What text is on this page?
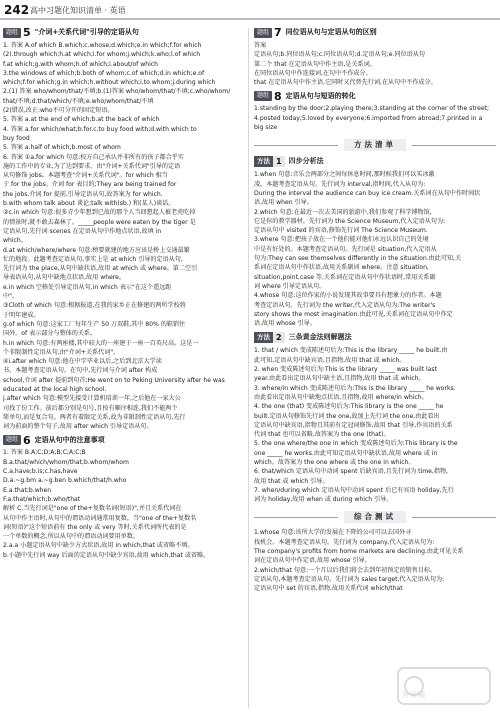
242 高中习题化知识清单 · 英语
题组 5 "介词+关系代词"引导的定语从句
1. 答案 A.of which B.which;c.whose;d.which;e.in which;f.for which
(2).through which;h.at which;i.for whom;j.which;k.who;l.of which
f.at which;g.with whom;h.of which;i.about/of which
3.the windows of which;b.both of whom;c.of which;d.in which;e.of
which;f.for which;g.in which;h.without which;i.to whom;j.during which
2.(1) 答案 who/whom/that/不填;b.(1)答案 who/whom/that/不填;c.who/whom/
that/不填;d.that/which/不填;e.who/whom/that/不填
(2)错误,改正:who不可分开的固定短语。
5. 答案 a.at the end of which;b.at the back of which
4. 答案 a.for which/what;b.for.c.to buy food with;d.with which to
buy food
5. 答案 a.half of which;b.most of whom
6. 答案 ①a.for which 句意:校方自己承认并非所有的孩子都合乎实
施的工作中的专业,为了达到要求。由"介词+关系代词"引导的定语
从句修饰 jobs。本题考查"介词+关系代词"。for which 相当
于 for the jobs。介词 for 表目的;They are being trained for
the jobs.介词 for 提前,引导定语从句,故答案为 for which.
b.with whom talk about 谈论;talk with(sb.) 和(某人)谈话。
②c.in which 句意:很多青少年想到已故的那个人当回想起人被老虎吃掉
的情景时,就不敢去森林了。_____people were eaten by the tiger 是
定语从句,先行词 scenes 在定语从句中作地点状语,故填 in
which。
d.at which/where/where 句意:榜要就建的地方应该是桥上交通最繁
忙的地段。此题考查定语从句,事实上是 at which 引导的定语从句,
先行词为 the place,从句中缺状语,故用 at which 或 where。第二空引
导表语从句,从句中缺地点状语,故用 where。
e.in which 空格处引导定语从句,in which 表示"在这个遥远距
中"。
③Cloth of which 句意:根据报道,在我的家乡正在修建的两所学校将
于明年建成。
g.of which 句意:这家工厂每年生产 50 万双鞋,其中 80% 的鞋销往
国外。of 表示部分与整体的关系。
h.in which 句意:有两座楼,其中较大的一座建于一座一百英尺高。这是一
个非限制性定语从句,由"介词+关系代词"。
④i.after which 句意:他在中学毕业以后,之后到北京大学读
书。本题考查定语从句。在句中,先行词与介词 after 构成
school,介词 after 提前到句首;He went on to Peking University after he was
educated at the local high school.
j.after which 句意:模型先接受计算机培训一年,之后他在一家大公
司找了份工作。前后都分别是句号,且按有顺序相连,我们不能两个
简单句,而是复合句。两者有着限定关系,故为非限制性定语从句,先行
词为前面的整个句子,故用 after which 引导定语从句。
题组 6 定语从句中的注意事项
1. 答案 B.A;C;D;A;B;C;A;C;B
B.a.that/which/whom/that;b.whom/whom
C.a.have;b.is;c.has,have
D.a.~g.bm a.~g.ben b.which/that/h.who
E.a.that;b.when
F.a.that/which;b.who/that
解析 C.当先行词是"one of the+复数名词(短语)",并且关系代词在
从句中作主语时,从句中的谓语动词通常用复数。当"one of the+复数名
词(短语)"这个短语前有 the only 或 very 等时,关系代词所代表的是
一个单数的概念,所以从句中的谓语动词要用单数。
2.a.a 小题定语从句中缺少方式状语,故用 in which,that 或省略不填。
b.小题中先行词 way 后面的定语从句中缺少宾语,故用 which,that 或省略。
题组 7 同位语从句与定语从句的区别
答案
定语从句;b.同位语从句;c.同位语从句;d.定语从句;e.同位语从句
第二个 that 在定语从句中作主语,是关系词。
在同位语从句中作连接词,在句中不作成分。
that 在定语从句中作主语,它同时又代替先行词,在从句中不作成分。
题组 8 定语从句与短语的转化
1.standing by the door;2.playing there;3.standing at the corner of the street;
4.posted today;5.loved by everyone;6.imported from abroad;7.printed in a
big size
方法清单
方法 1	四步分析法
1.when 句意:音乐会两部分之间每休息时间,那时候我们可以买冰激
凌。本题考查定语从句。先行词为 interval,指时间,代入从句为:
During the interval the audience can buy ice cream.关系词在从句中作时间状
语,故用 when 引导。
2.which 句意:在最近一次去美国的旅游中,我们参观了科学博物馆,
它是你的教学器材。先行词为 the Science Museum,代入定语从句为:
定语从句中 visited 的宾语,修饰先行词 The Science Museum.
3.where 句意:把孩子放在一个他们能对他们永远认识自己的处境
中是有好处的。本题考查定语从句。先行词是 situation,代入定语从
句为:They can see themselves differently in the situation.由此可知,关
系词在定语从句中作状语,故用关系副词 where。注意 situation,
situation,point,case 等,关系词在定语从句中作状语时,常用关系副
词 where 引导定语从句。
4.whose 句意:这位作家的小说发现其故事要具有想象力的作者。本题
考查定语从句。先行词为 the writer,代入定语从句为:The writer's
story shows the most imagination.由此可见,关系词在定语从句中作定
语,故用 whose 引导。
方法 2	三条黄金法则解题法
1. that / which 变成陈述句后为:This is the library _____ he built.由
此可知,定语从句中缺宾语,且指物,故用 that 或 which。
2. when 变成陈述句后为:This is the library _____ was built last
year.由此看出定语从句中缺主语,且指物,故用 that 或 which。
3. where/in which 变成陈述句后为:This is the library _____ he works.
由此看出定语从句中缺地点状语,且指物,故用 where/in which。
4. the one (that) 变成陈述句后为:This library is the one _____ he
built.定语从句修饰先行词 the one,故加上先行词 the one,由此看出
定语从句中缺宾语,指物且其前有定冠词修饰,故用 that 引导,作宾语的关系
代词 that 也可以省略,故答案为 the one (that)。
5. the one where/the one in which 变成陈述句后为:This library is the
one _____ he works.由此可知定语从句中缺状语,故用 where 或 in
which。故答案为 the one where 或 the one in which。
6. that/which 定语从句中动词 spent 后缺宾语,且先行词为 time,指物,
故用 that 或 which 引导。
7. when/during which 定语从句中动词 spent 后已有宾语 holiday,先行
词为 holiday,故用 when 或 during which 引导。
综合测试
1.whose 句意:该所大学的发展在下降的公司可以去国外寻
找机会。本题考查定语从句。先行词为 company,代入定语从句为:
The company's profits from home markets are declining.由此可见关系
词在定语从句中作定语,故用 whose 引导。
2.which/that 句意:一个月以后我们将会去到年初预定的销售目标。
定语从句,本题考查定语从句。先行词为 sales target,代入定语从句为:
定语从句中 set 的宾语,指物,故用关系代词 which/that
答案圈
